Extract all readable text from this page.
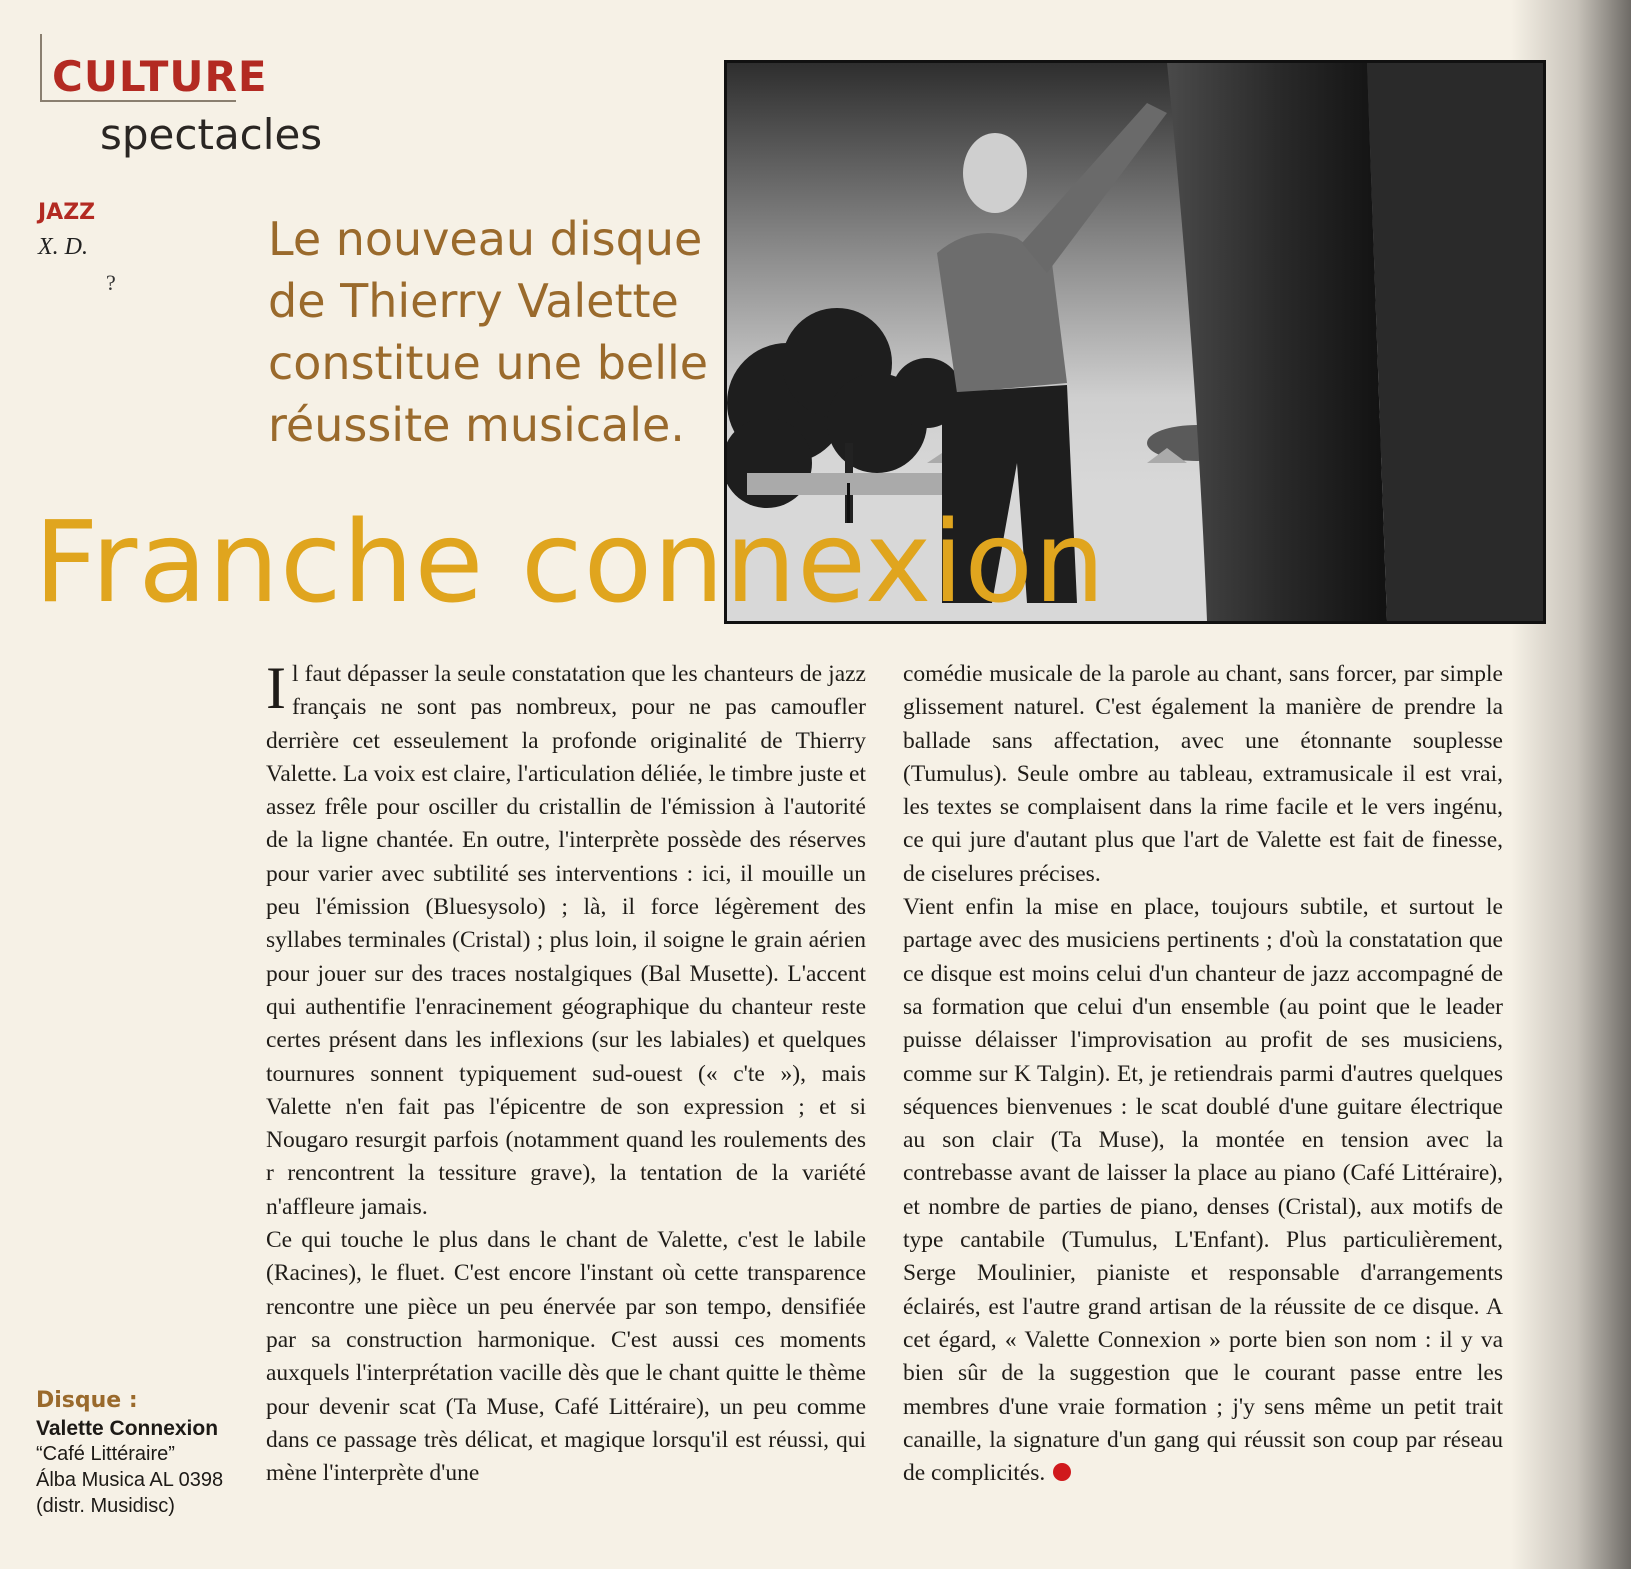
CULTURE
spectacles
JAZZ
X. D.
?

Le nouveau disque
de Thierry Valette
constitue une belle
réussite musicale.

Franche connexion

Il faut dépasser la seule constatation que les chanteurs de jazz français ne sont pas nombreux, pour ne pas camoufler derrière cet esseulement la profonde originalité de Thierry Valette. La voix est claire, l'articulation déliée, le timbre juste et assez frêle pour osciller du cristallin de l'émission à l'autorité de la ligne chantée. En outre, l'interprète possède des réserves pour varier avec subtilité ses interventions : ici, il mouille un peu l'émission (Bluesysolo) ; là, il force légèrement des syllabes terminales (Cristal) ; plus loin, il soigne le grain aérien pour jouer sur des traces nostalgiques (Bal Musette). L'accent qui authentifie l'enracinement géographique du chanteur reste certes présent dans les inflexions (sur les labiales) et quelques tournures sonnent typiquement sud-ouest (« c'te »), mais Valette n'en fait pas l'épicentre de son expression ; et si Nougaro resurgit parfois (notamment quand les roulements des r rencontrent la tessiture grave), la tentation de la variété n'affleure jamais.

Ce qui touche le plus dans le chant de Valette, c'est le labile (Racines), le fluet. C'est encore l'instant où cette transparence rencontre une pièce un peu énervée par son tempo, densifiée par sa construction harmonique. C'est aussi ces moments auxquels l'interprétation vacille dès que le chant quitte le thème pour devenir scat (Ta Muse, Café Littéraire), un peu comme dans ce passage très délicat, et magique lorsqu'il est réussi, qui mène l'interprète d'une

comédie musicale de la parole au chant, sans forcer, par simple glissement naturel. C'est également la manière de prendre la ballade sans affectation, avec une étonnante souplesse (Tumulus). Seule ombre au tableau, extramusicale il est vrai, les textes se complaisent dans la rime facile et le vers ingénu, ce qui jure d'autant plus que l'art de Valette est fait de finesse, de ciselures précises.

Vient enfin la mise en place, toujours subtile, et surtout le partage avec des musiciens pertinents ; d'où la constatation que ce disque est moins celui d'un chanteur de jazz accompagné de sa formation que celui d'un ensemble (au point que le leader puisse délaisser l'improvisation au profit de ses musiciens, comme sur K Talgin). Et, je retiendrais parmi d'autres quelques séquences bienvenues : le scat doublé d'une guitare électrique au son clair (Ta Muse), la montée en tension avec la contrebasse avant de laisser la place au piano (Café Littéraire), et nombre de parties de piano, denses (Cristal), aux motifs de type cantabile (Tumulus, L'Enfant). Plus particulièrement, Serge Moulinier, pianiste et responsable d'arrangements éclairés, est l'autre grand artisan de la réussite de ce disque. A cet égard, « Valette Connexion » porte bien son nom : il y va bien sûr de la suggestion que le courant passe entre les membres d'une vraie formation ; j'y sens même un petit trait canaille, la signature d'un gang qui réussit son coup par réseau de complicités.

Disque :
Valette Connexion
“Café Littéraire”
Álba Musica AL 0398
(distr. Musidisc)
